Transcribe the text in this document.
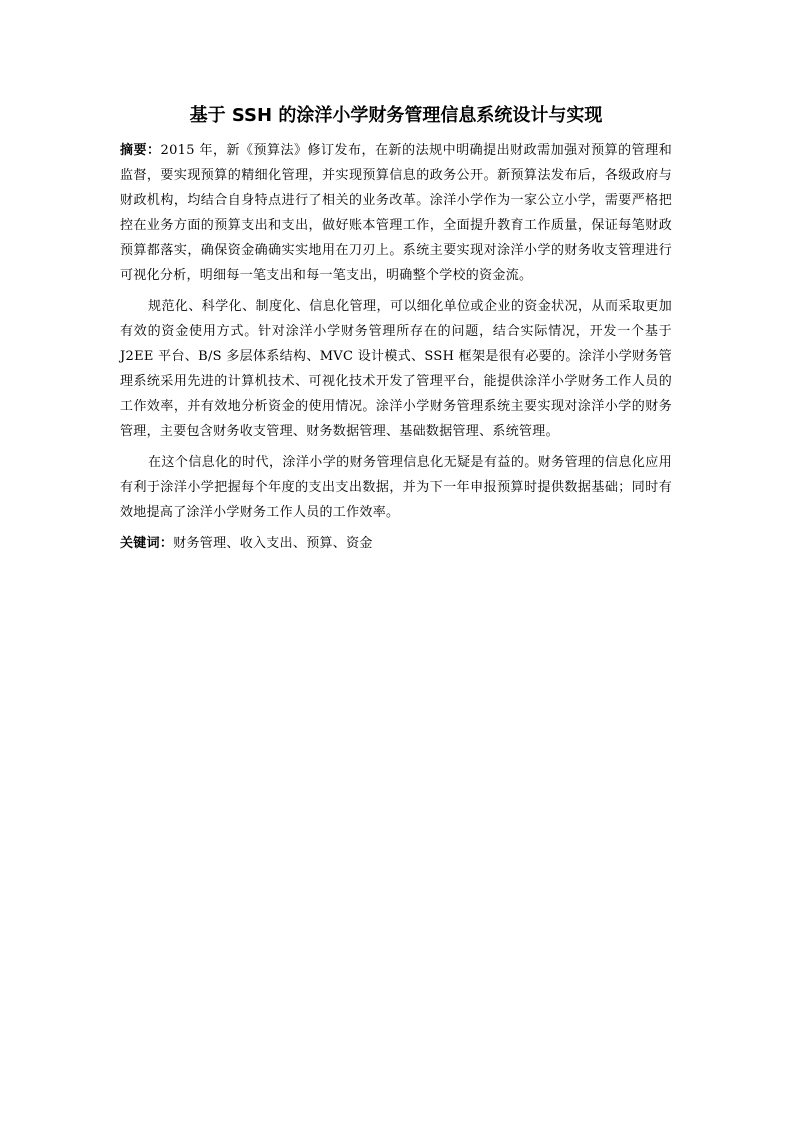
基于 SSH 的涂洋小学财务管理信息系统设计与实现

摘要：2015 年，新《预算法》修订发布，在新的法规中明确提出财政需加强对预算的管理和监督，要实现预算的精细化管理，并实现预算信息的政务公开。新预算法发布后，各级政府与财政机构，均结合自身特点进行了相关的业务改革。涂洋小学作为一家公立小学，需要严格把控在业务方面的预算支出和支出，做好账本管理工作，全面提升教育工作质量，保证每笔财政预算都落实，确保资金确确实实地用在刀刃上。系统主要实现对涂洋小学的财务收支管理进行可视化分析，明细每一笔支出和每一笔支出，明确整个学校的资金流。

规范化、科学化、制度化、信息化管理，可以细化单位或企业的资金状况，从而采取更加有效的资金使用方式。针对涂洋小学财务管理所存在的问题，结合实际情况，开发一个基于 J2EE 平台、B/S 多层体系结构、MVC 设计模式、SSH 框架是很有必要的。涂洋小学财务管理系统采用先进的计算机技术、可视化技术开发了管理平台，能提供涂洋小学财务工作人员的工作效率，并有效地分析资金的使用情况。涂洋小学财务管理系统主要实现对涂洋小学的财务管理，主要包含财务收支管理、财务数据管理、基础数据管理、系统管理。

在这个信息化的时代，涂洋小学的财务管理信息化无疑是有益的。财务管理的信息化应用有利于涂洋小学把握每个年度的支出支出数据，并为下一年申报预算时提供数据基础；同时有效地提高了涂洋小学财务工作人员的工作效率。

关键词：财务管理、收入支出、预算、资金
